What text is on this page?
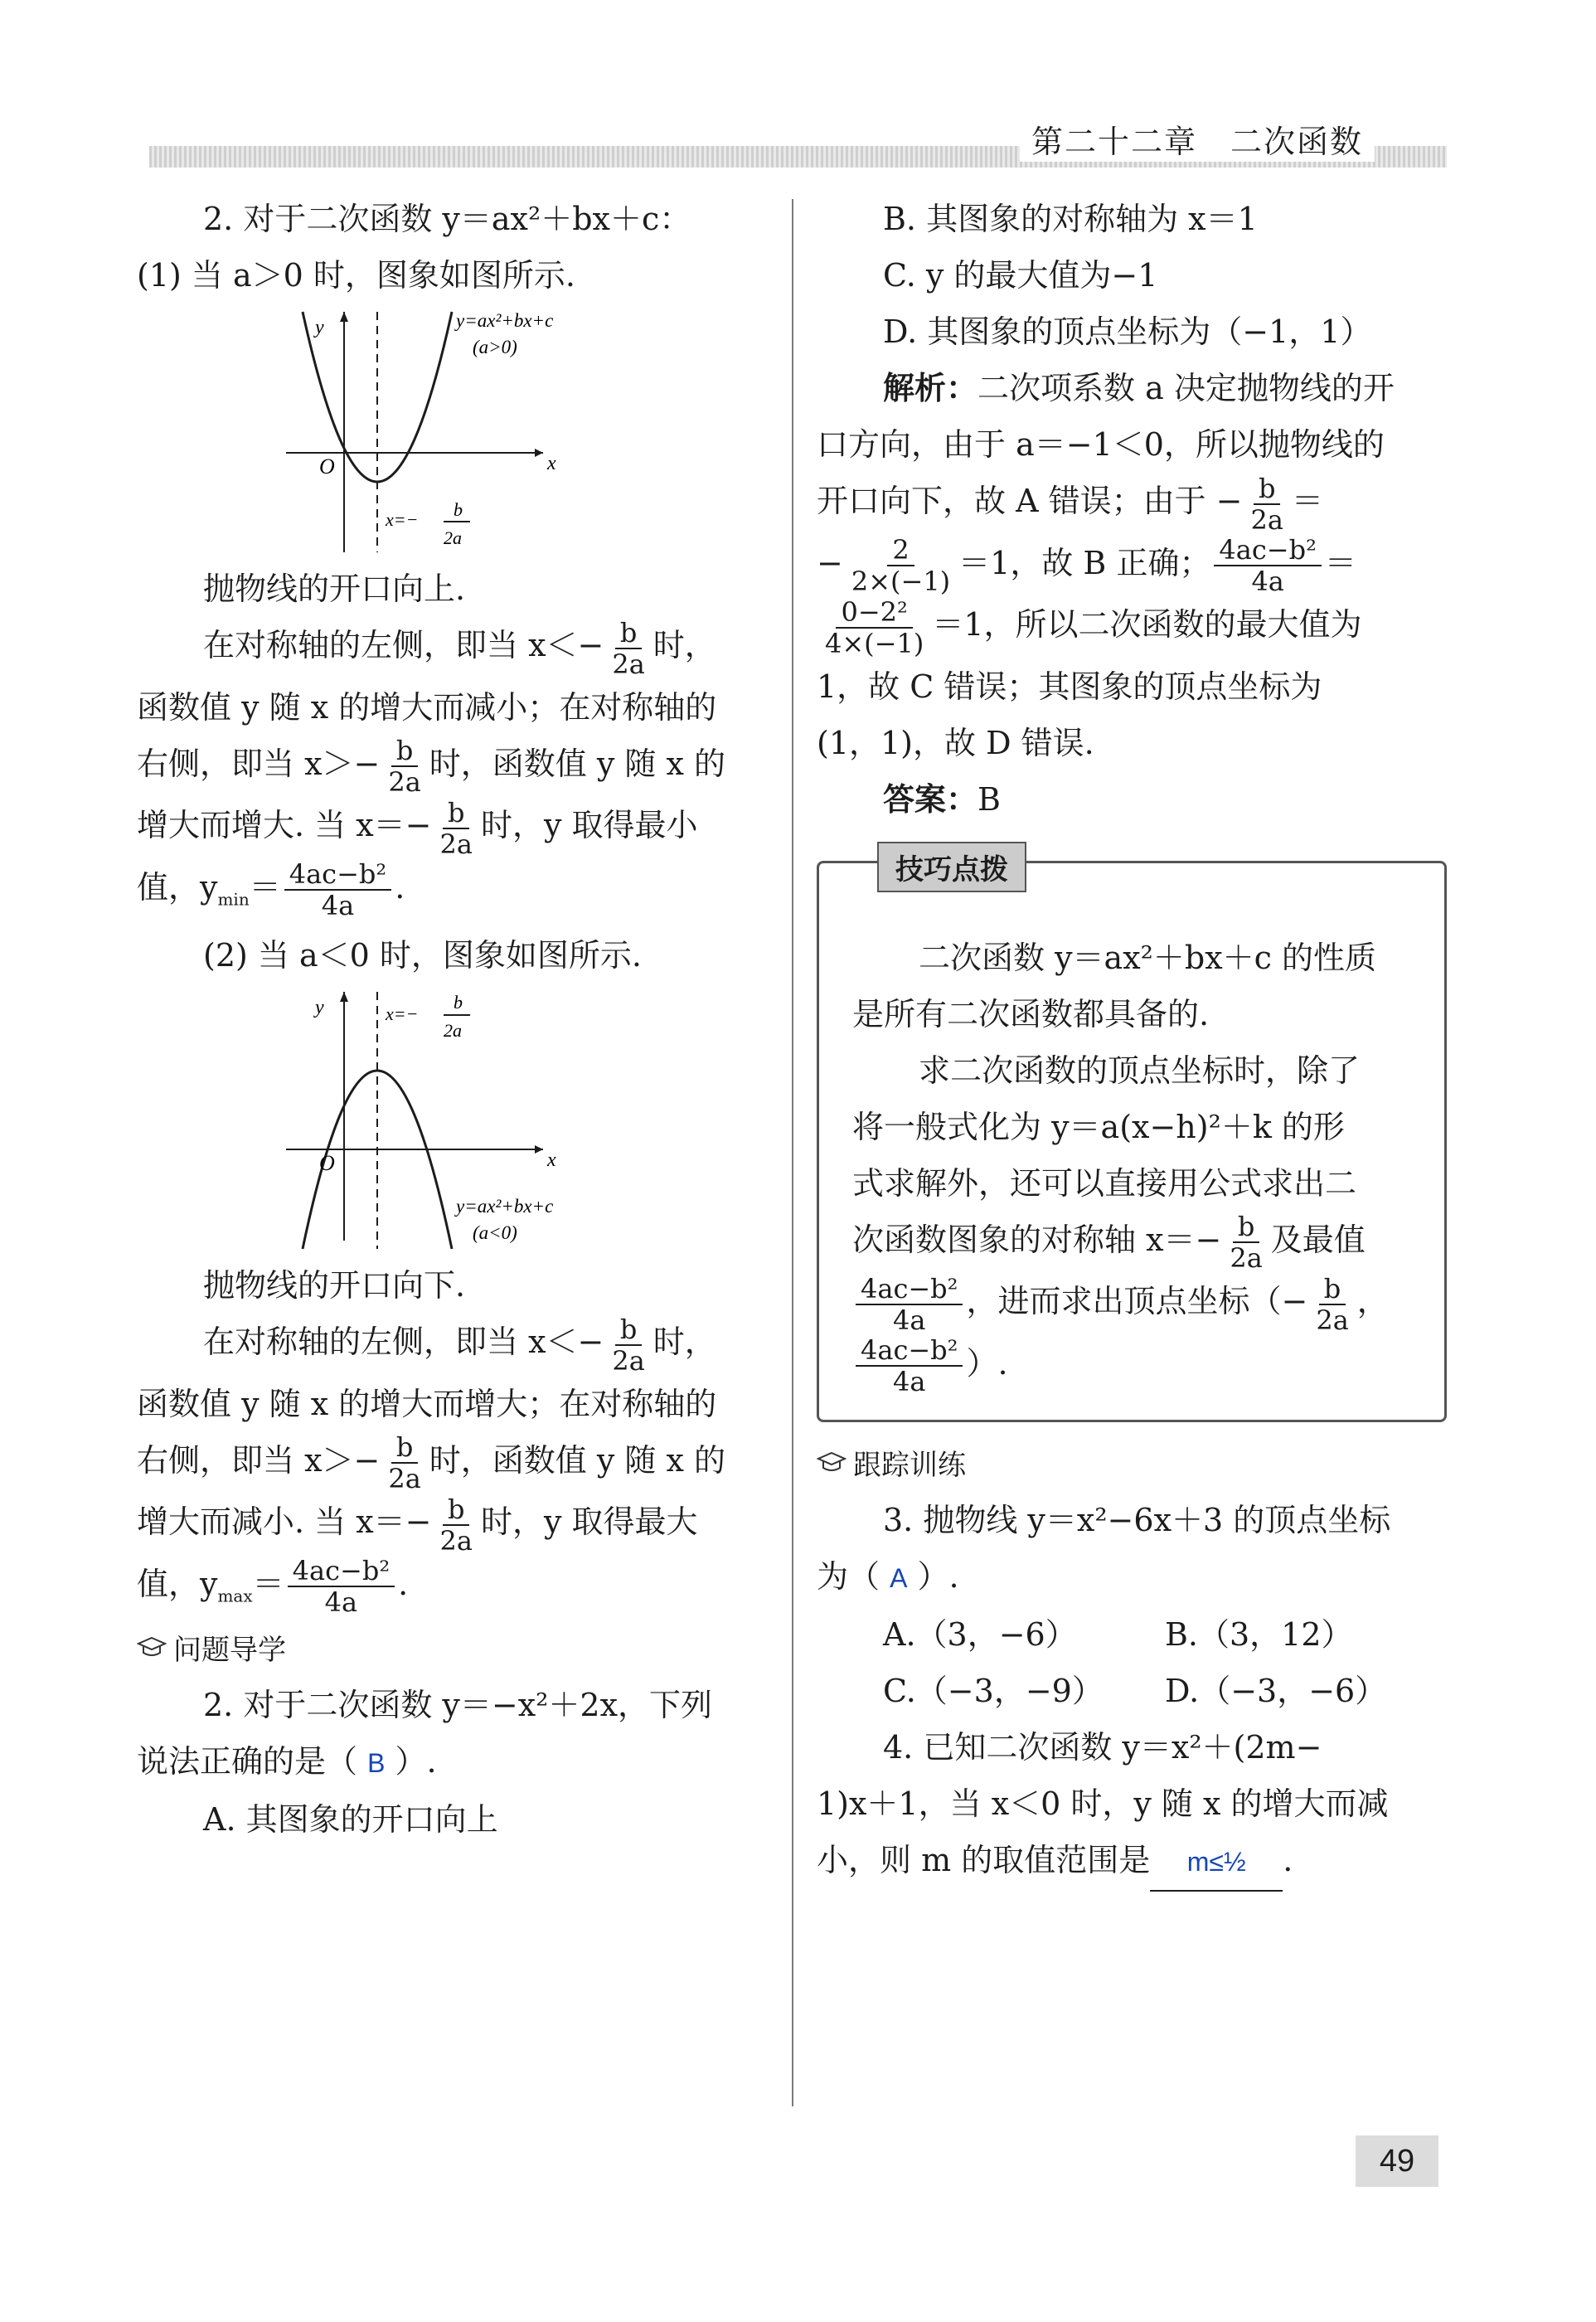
第二十二章　二次函数

2. 对于二次函数 y＝ax²＋bx＋c：

(1) 当 a＞0 时，图象如图所示.

y
x
O
y=ax²+bx+c
(a>0)
x=− b
2a

抛物线的开口向上.

在对称轴的左侧，即当 $x<- \frac{b}{2a}$ 时，

函数值 y 随 x 的增大而减小；在对称轴的

右侧，即当 $x>- \frac{b}{2a}$ 时，函数值 y 随 x 的

增大而增大. 当 $x=- \frac{b}{2a}$ 时，y 取得最小

值，$y_{min}= \frac{\text{4ac−b²}}{4a}$ .

(2) 当 a＜0 时，图象如图所示.

y
x
O
x=−
b
2a
y=ax²+bx+c
(a<0)

抛物线的开口向下.

在对称轴的左侧，即当 $x<- \frac{b}{2a}$ 时，

函数值 y 随 x 的增大而增大；在对称轴的

右侧，即当 $x>- \frac{b}{2a}$ 时，函数值 y 随 x 的

增大而减小. 当 $x=- \frac{b}{2a}$ 时，y 取得最大

值，$y_{max}= \frac{\text{4ac−b²}}{4a}$ .

问题导学

2. 对于二次函数 y＝−x²＋2x，下列

说法正确的是（ B ）.

A. 其图象的开口向上

B. 其图象的对称轴为 x＝1

C. y 的最大值为−1

D. 其图象的顶点坐标为（−1，1）

解析：二次项系数 a 决定抛物线的开

口方向，由于 a＝−1＜0，所以抛物线的

开口向下，故 A 错误；由于 − $\frac{b}{2a}$ ＝

− $\frac{2}{2\times(-1)} =1$，故 B 正确； $\frac{\text{4ac−b²}}{4a}$ ＝

$\frac{\text{0−2²}}{4\times(-1)} =1$，所以二次函数的最大值为

1，故 C 错误；其图象的顶点坐标为

(1，1)，故 D 错误.

答案：B

技巧点拨

二次函数 y＝ax²＋bx＋c 的性质

是所有二次函数都具备的.

求二次函数的顶点坐标时，除了

将一般式化为 y＝a(x−h)²＋k 的形

式求解外，还可以直接用公式求出二

次函数图象的对称轴 $x=- \frac{b}{2a}$ 及最值

$\frac{\text{4ac−b²}}{4a}$ ，进而求出顶点坐标（− $\frac{b}{2a}$ ，

$\frac{\text{4ac−b²}}{4a}$ ）.

跟踪训练

3. 抛物线 y＝x²−6x＋3 的顶点坐标

为（ A ）.

A.（3，−6）	B.（3，12）

C.（−3，−9）	D.（−3，−6）

4. 已知二次函数 y＝x²＋(2m−

1)x＋1，当 x＜0 时，y 随 x 的增大而减

小，则 m 的取值范围是 m≤½ .

49
